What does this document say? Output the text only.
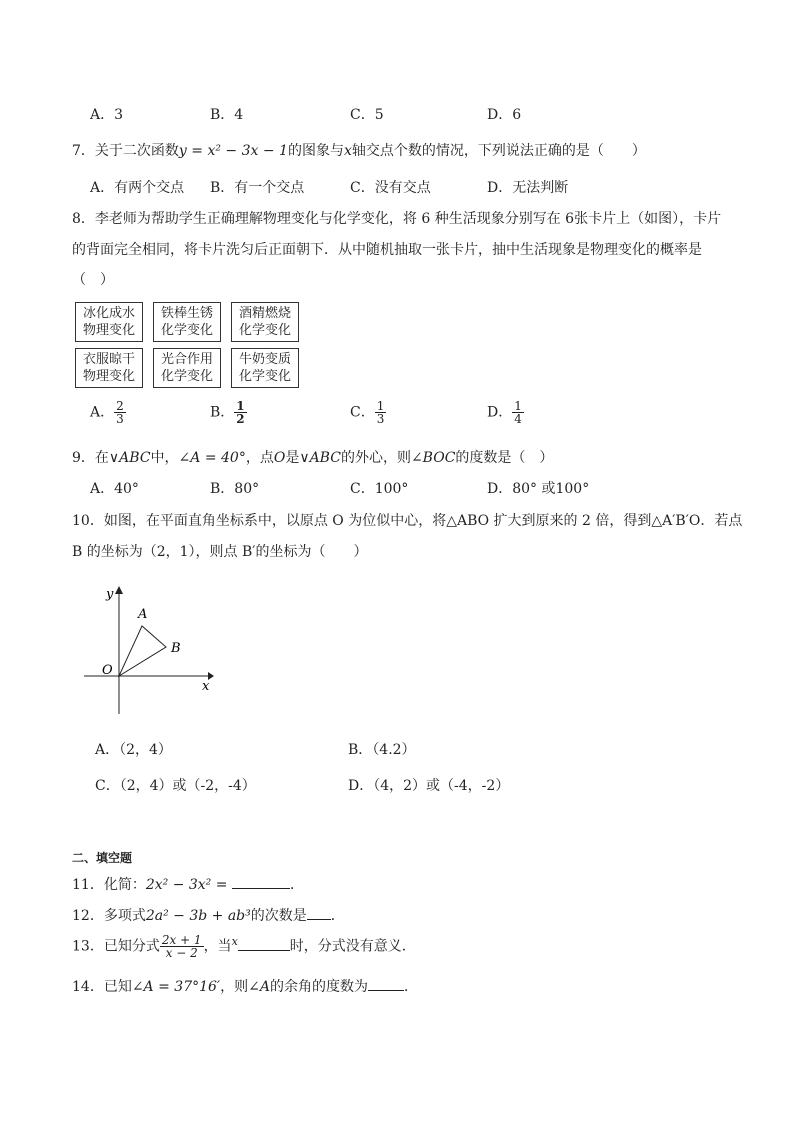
A．3	B．4	C．5	D．6
7．关于二次函数y = x² − 3x − 1的图象与x轴交点个数的情况，下列说法正确的是（　　）
A．有两个交点 B．有一个交点	C．没有交点	D．无法判断
8．李老师为帮助学生正确理解物理变化与化学变化，将 6 种生活现象分别写在 6张卡片上（如图），卡片
的背面完全相同，将卡片洗匀后正面朝下．从中随机抽取一张卡片，抽中生活现象是物理变化的概率是
（　）
冰化成水
物理变化
铁棒生锈
化学变化
酒精燃烧
化学变化
衣服晾干
物理变化
光合作用
化学变化
牛奶变质
化学变化
A． $\frac{2}{3}$	B． $\frac{1}{2}$	C． $\frac{1}{3}$	D． $\frac{1}{4}$
9．在∨ABC中，∠A = 40°，点O是∨ABC的外心，则∠BOC的度数是（　）
A．40°	B．80°	C．100°	D．80° 或100°
10．如图，在平面直角坐标系中，以原点 O 为位似中心，将△ABO 扩大到原来的 2 倍，得到△A′B′O．若点
B 的坐标为（2，1），则点 B′的坐标为（　　）
y
x
A
B
O
A．（2，4）	B．（4.2）
C．（2，4）或（-2，-4）	D．（4，2）或（-4，-2）
二、填空题
11．化简：2x² − 3x² =	．
12．多项式2a² − 3b + ab³的次数是 ．
13．已知分式 $\frac{2x + 1}{x - 2}$ ，当$^x$	时，分式没有意义．
14．已知∠A = 37°16′，则∠A的余角的度数为	．
